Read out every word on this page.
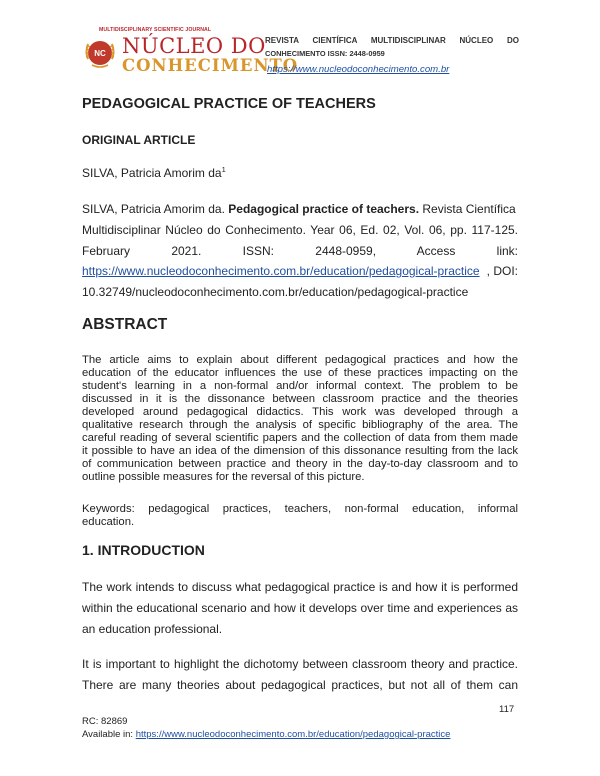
MULTIDISCIPLINARY SCIENTIFIC JOURNAL
NC NÚCLEO DO
CONHECIMENTO
REVISTA CIENTÍFICA MULTIDISCIPLINAR NÚCLEO DO
CONHECIMENTO ISSN: 2448-0959
https://www.nucleodoconhecimento.com.br
PEDAGOGICAL PRACTICE OF TEACHERS
ORIGINAL ARTICLE
SILVA, Patricia Amorim $da^1$
SILVA, Patricia Amorim da. Pedagogical practice of teachers. Revista Científica
Multidisciplinar Núcleo do Conhecimento. Year 06, Ed. 02, Vol. 06, pp. 117-125.
February 2021. ISSN: 2448-0959, Access link:
https://www.nucleodoconhecimento.com.br/education/pedagogical-practice , DOI:
10.32749/nucleodoconhecimento.com.br/education/pedagogical-practice
ABSTRACT
The article aims to explain about different pedagogical practices and how the
education of the educator influences the use of these practices impacting on the
student's learning in a non-formal and/or informal context. The problem to be
discussed in it is the dissonance between classroom practice and the theories
developed around pedagogical didactics. This work was developed through a
qualitative research through the analysis of specific bibliography of the area. The
careful reading of several scientific papers and the collection of data from them made
it possible to have an idea of the dimension of this dissonance resulting from the lack
of communication between practice and theory in the day-to-day classroom and to
outline possible measures for the reversal of this picture.
Keywords: pedagogical practices, teachers, non-formal education, informal
education.
1. INTRODUCTION
The work intends to discuss what pedagogical practice is and how it is performed
within the educational scenario and how it develops over time and experiences as
an education professional.
It is important to highlight the dichotomy between classroom theory and practice.
There are many theories about pedagogical practices, but not all of them can
117
RC: 82869
Available in: https://www.nucleodoconhecimento.com.br/education/pedagogical-practice
